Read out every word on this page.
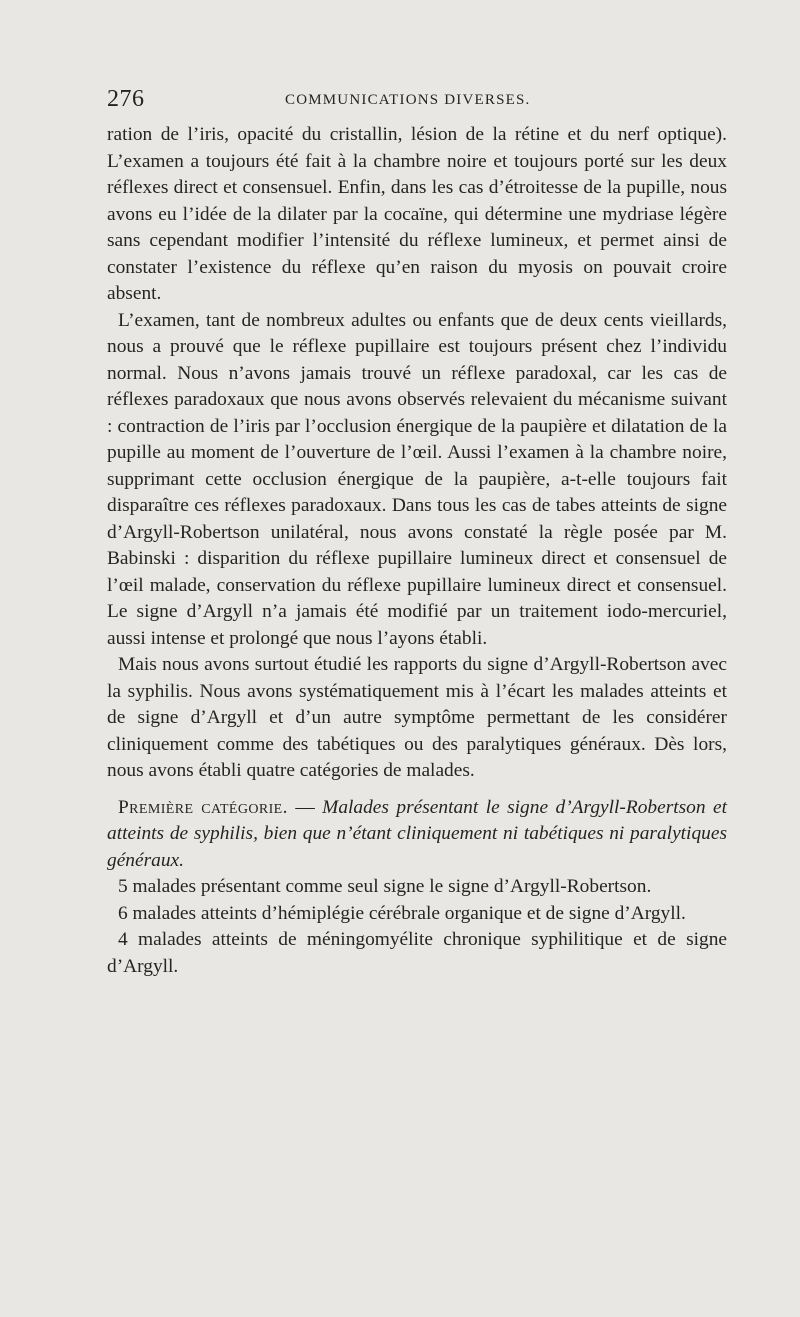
276	COMMUNICATIONS DIVERSES.

ration de l’iris, opacité du cristallin, lésion de la rétine et du nerf optique). L’examen a toujours été fait à la chambre noire et toujours porté sur les deux réflexes direct et consensuel. Enfin, dans les cas d’étroitesse de la pupille, nous avons eu l’idée de la dilater par la cocaïne, qui détermine une mydriase légère sans cependant modifier l’intensité du réflexe lumineux, et permet ainsi de constater l’existence du réflexe qu’en raison du myosis on pouvait croire absent.

L’examen, tant de nombreux adultes ou enfants que de deux cents vieillards, nous a prouvé que le réflexe pupillaire est toujours présent chez l’individu normal. Nous n’avons jamais trouvé un réflexe paradoxal, car les cas de réflexes paradoxaux que nous avons observés relevaient du mécanisme suivant : contraction de l’iris par l’occlusion énergique de la paupière et dilatation de la pupille au moment de l’ouverture de l’œil. Aussi l’examen à la chambre noire, supprimant cette occlusion énergique de la paupière, a-t-elle toujours fait disparaître ces réflexes paradoxaux. Dans tous les cas de tabes atteints de signe d’Argyll-Robertson unilatéral, nous avons constaté la règle posée par M. Babinski : disparition du réflexe pupillaire lumineux direct et consensuel de l’œil malade, conservation du réflexe pupillaire lumineux direct et consensuel. Le signe d’Argyll n’a jamais été modifié par un traitement iodo-mercuriel, aussi intense et prolongé que nous l’ayons établi.

Mais nous avons surtout étudié les rapports du signe d’Argyll-Robertson avec la syphilis. Nous avons systématiquement mis à l’écart les malades atteints et de signe d’Argyll et d’un autre symptôme permettant de les considérer cliniquement comme des tabétiques ou des paralytiques généraux. Dès lors, nous avons établi quatre catégories de malades.

Première catégorie. — Malades présentant le signe d’Argyll-Robertson et atteints de syphilis, bien que n’étant cliniquement ni tabétiques ni paralytiques généraux.

5 malades présentant comme seul signe le signe d’Argyll-Robertson.

6 malades atteints d’hémiplégie cérébrale organique et de signe d’Argyll.

4 malades atteints de méningomyélite chronique syphilitique et de signe d’Argyll.
